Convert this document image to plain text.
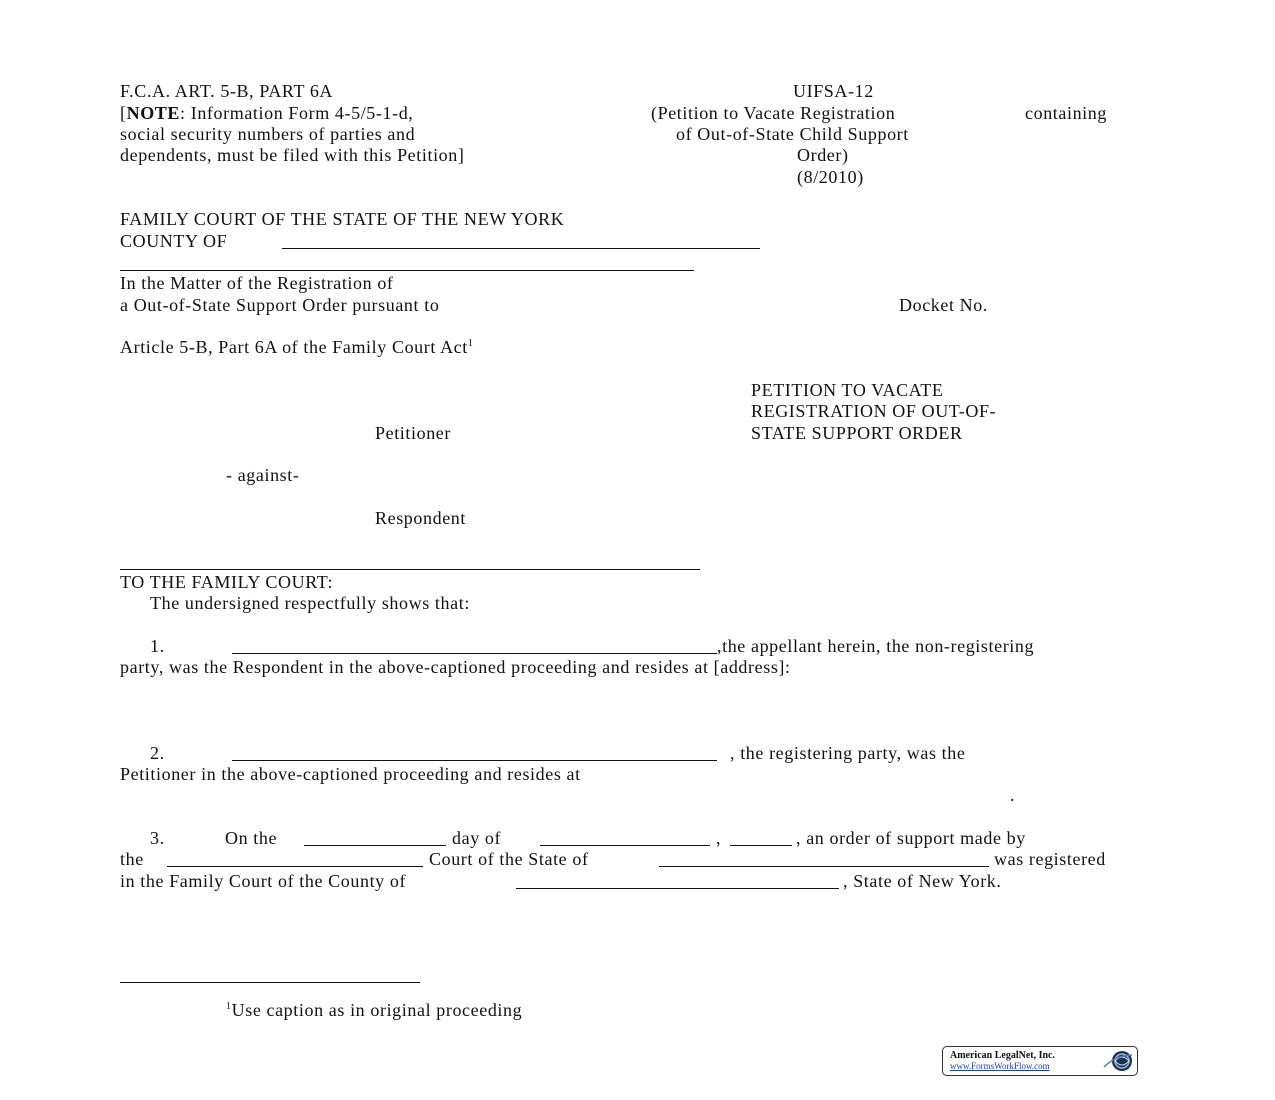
F.C.A. ART. 5-B, PART 6A	UIFSA-12

[NOTE: Information Form 4-5/5-1-d,

social security numbers of parties and

dependents, must be filed with this Petition]

(Petition to Vacate Registration	containing

of Out-of-State Child Support

Order)

(8/2010)

FAMILY COURT OF THE STATE OF THE NEW YORK

COUNTY OF

In the Matter of the Registration of

a Out-of-State Support Order pursuant to	Docket No.

Article 5-B, Part 6A of the Family Court Act$^1$

PETITION TO VACATE

REGISTRATION OF OUT-OF-

STATE SUPPORT ORDER

Petitioner

- against-

Respondent

TO THE FAMILY COURT:

The undersigned respectfully shows that:

1.	,the appellant herein, the non-registering

party, was the Respondent in the above-captioned proceeding and resides at [address]:

2.	, the registering party, was the

Petitioner in the above-captioned proceeding and resides at

.

3.	On the	day of	,	, an order of support made by

the	Court of the State of	was registered

in the Family Court of the County of	, State of New York.

$^1$Use caption as in original proceeding

American LegalNet, Inc.
www.FormsWorkFlow.com
